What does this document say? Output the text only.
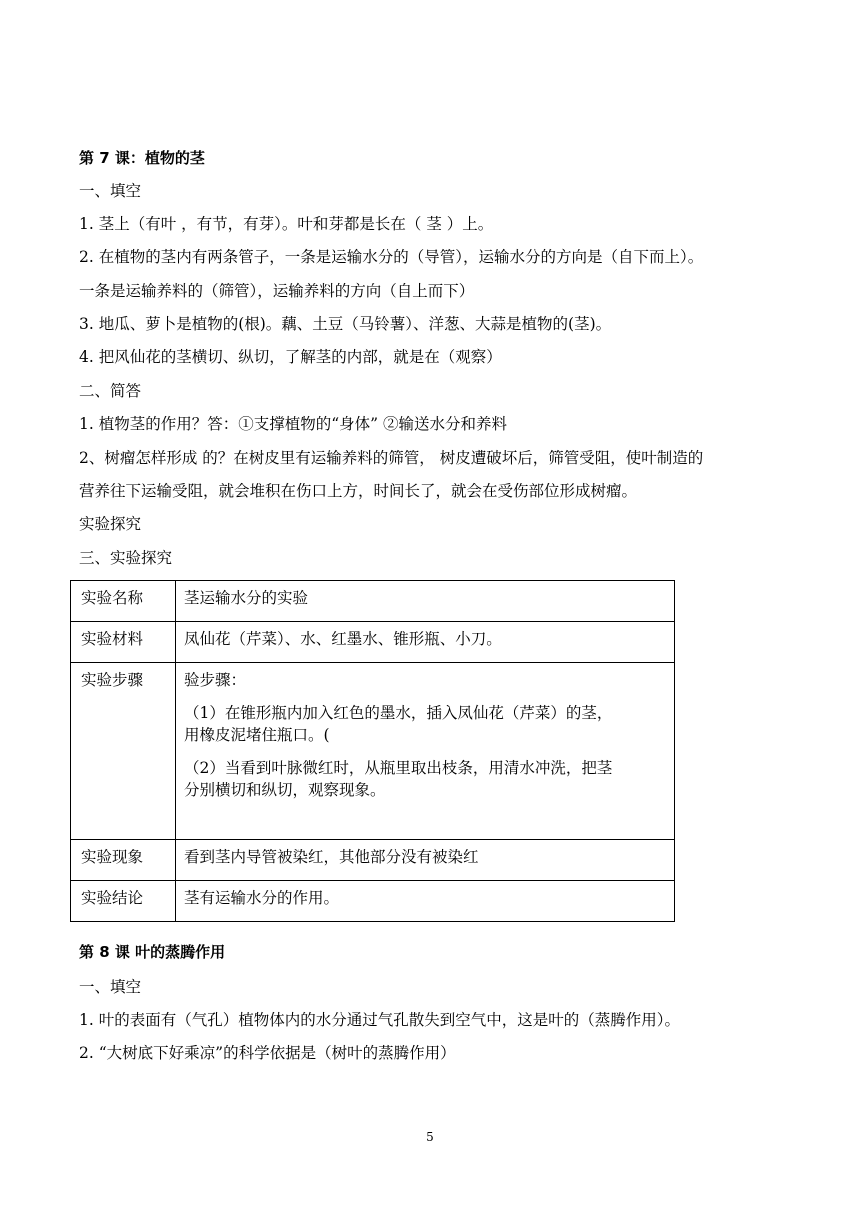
第 7 课：植物的茎
一、填空
1. 茎上（有叶 ，有节，有芽）。叶和芽都是长在（ 茎 ）上。
2. 在植物的茎内有两条管子，一条是运输水分的（导管），运输水分的方向是（自下而上）。
一条是运输养料的（筛管），运输养料的方向（自上而下）
3. 地瓜、萝卜是植物的(根)。藕、土豆（马铃薯）、洋葱、大蒜是植物的(茎)。
4. 把风仙花的茎横切、纵切，了解茎的内部，就是在（观察）
二、简答
1. 植物茎的作用？答：①支撑植物的“身体” ②输送水分和养料
2、树瘤怎样形成 的？在树皮里有运输养料的筛管， 树皮遭破坏后，筛管受阻，使叶制造的
营养往下运输受阻，就会堆积在伤口上方，时间长了，就会在受伤部位形成树瘤。
实验探究
三、实验探究
实验名称	茎运输水分的实验
实验材料	凤仙花（芹菜）、水、红墨水、锥形瓶、小刀。
实验步骤	验步骤：
（1）在锥形瓶内加入红色的墨水，插入凤仙花（芹菜）的茎，
用橡皮泥堵住瓶口。(
（2）当看到叶脉微红时，从瓶里取出枝条，用清水冲洗，把茎
分别横切和纵切，观察现象。

实验现象	看到茎内导管被染红，其他部分没有被染红
实验结论	茎有运输水分的作用。
第 8 课 叶的蒸腾作用
一、填空
1. 叶的表面有（气孔）植物体内的水分通过气孔散失到空气中，这是叶的（蒸腾作用）。
2. “大树底下好乘凉”的科学依据是（树叶的蒸腾作用）
5
